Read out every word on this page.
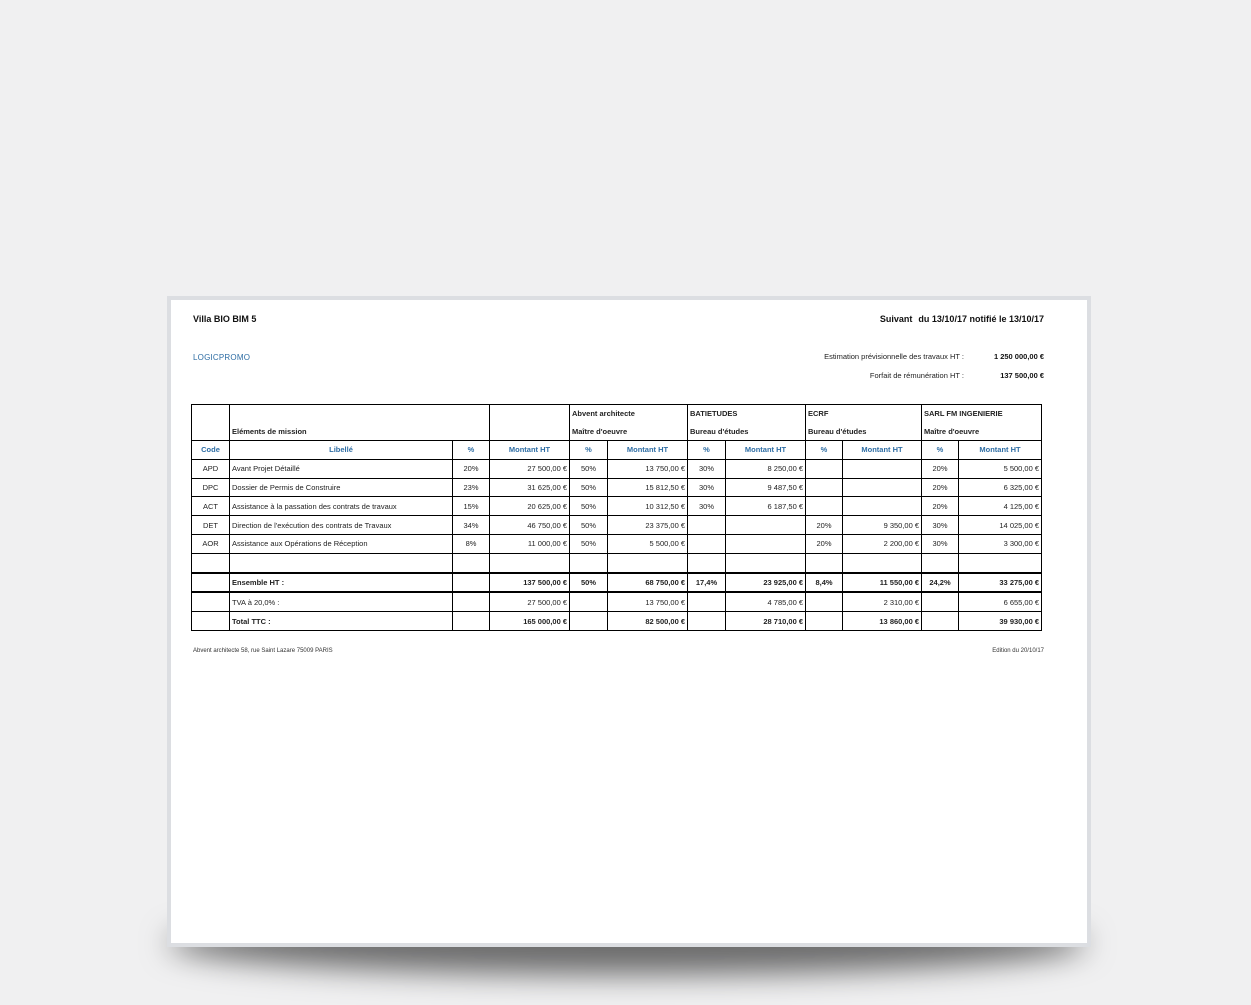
Villa BIO BIM 5	Suivant du 13/10/17 notifié le 13/10/17
LOGICPROMO	Estimation prévisionnelle des travaux HT :	1 250 000,00 €
Forfait de rémunération HT :	137 500,00 €
				Abvent architecte		BATIETUDES		ECRF		SARL FM INGENIERIE	
	Eléments de mission			Maître d'oeuvre		Bureau d'études		Bureau d'études		Maître d'oeuvre	
Code	Libellé	%	Montant HT	%	Montant HT	%	Montant HT	%	Montant HT	%	Montant HT
APD	Avant Projet Détaillé	20%	27 500,00 €	50%	13 750,00 €	30%	8 250,00 €			20%	5 500,00 €
DPC	Dossier de Permis de Construire	23%	31 625,00 €	50%	15 812,50 €	30%	9 487,50 €			20%	6 325,00 €
ACT	Assistance à la passation des contrats de travaux	15%	20 625,00 €	50%	10 312,50 €	30%	6 187,50 €			20%	4 125,00 €
DET	Direction de l'exécution des contrats de Travaux	34%	46 750,00 €	50%	23 375,00 €			20%	9 350,00 €	30%	14 025,00 €
AOR	Assistance aux Opérations de Réception	8%	11 000,00 €	50%	5 500,00 €			20%	2 200,00 €	30%	3 300,00 €

	Ensemble HT :		137 500,00 €	50%	68 750,00 €	17,4%	23 925,00 €	8,4%	11 550,00 €	24,2%	33 275,00 €
	TVA à 20,0% :		27 500,00 €		13 750,00 €		4 785,00 €		2 310,00 €		6 655,00 €
	Total TTC :		165 000,00 €		82 500,00 €		28 710,00 €		13 860,00 €		39 930,00 €
Abvent architecte 58, rue Saint Lazare 75009 PARIS	Edition du 20/10/17
